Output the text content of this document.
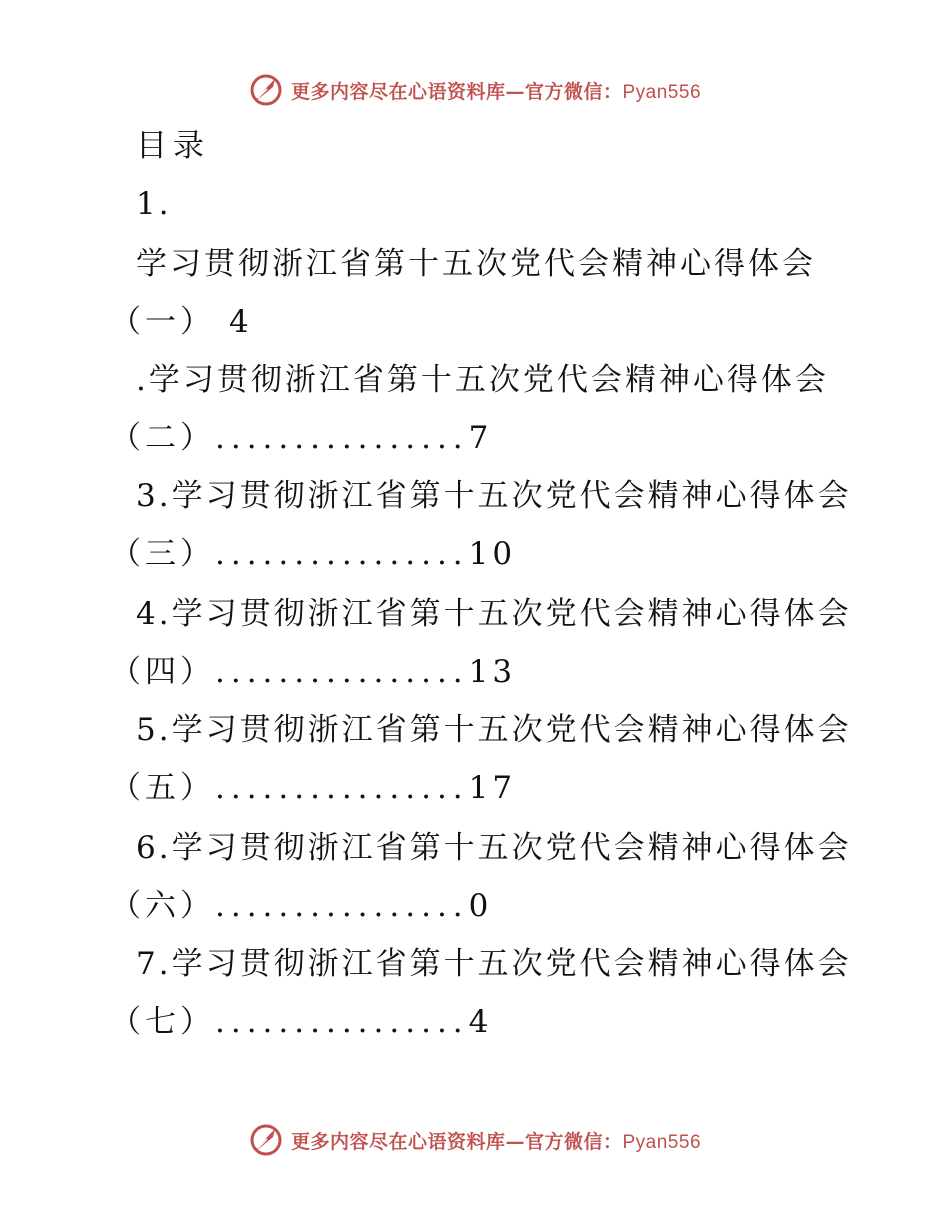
更多内容尽在心语资料库—官方微信：Pyan556
目录
1.
学习贯彻浙江省第十五次党代会精神心得体会
（一） 4
.学习贯彻浙江省第十五次党代会精神心得体会
（二）................7
3.学习贯彻浙江省第十五次党代会精神心得体会
（三）................10
4.学习贯彻浙江省第十五次党代会精神心得体会
（四）................13
5.学习贯彻浙江省第十五次党代会精神心得体会
（五）................17
6.学习贯彻浙江省第十五次党代会精神心得体会
（六）................0
7.学习贯彻浙江省第十五次党代会精神心得体会
（七）................4
更多内容尽在心语资料库—官方微信：Pyan556
